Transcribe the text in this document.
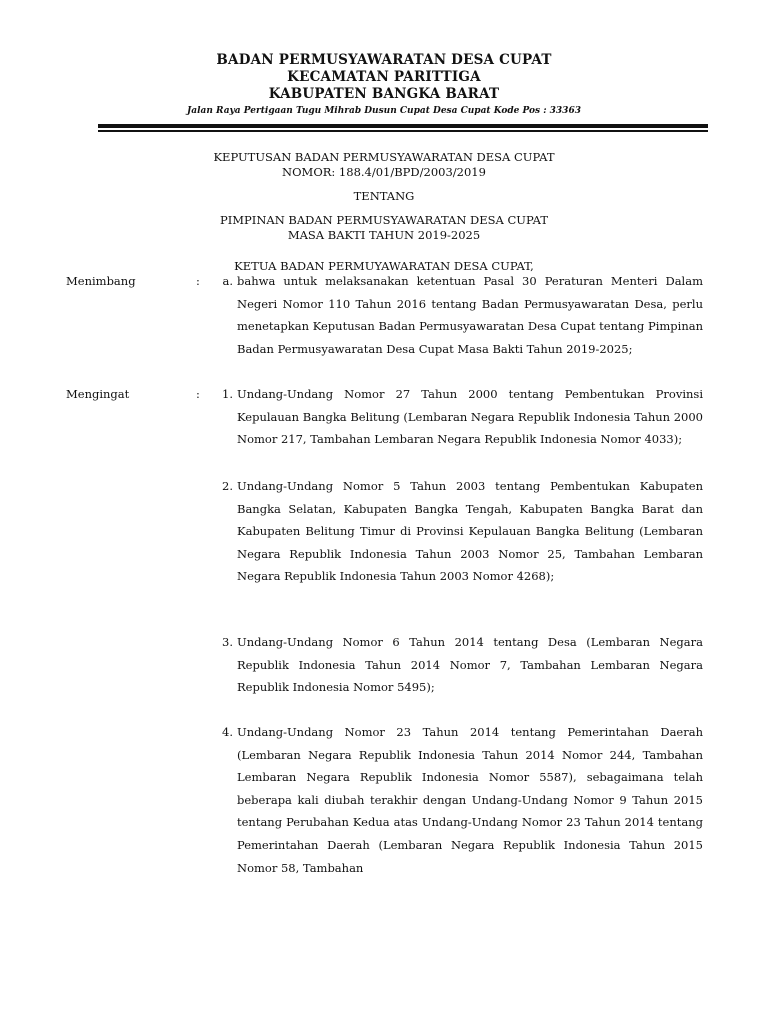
BADAN PERMUSYAWARATAN DESA CUPAT
KECAMATAN PARITTIGA
KABUPATEN BANGKA BARAT
Jalan Raya Pertigaan Tugu Mihrab Dusun Cupat Desa Cupat Kode Pos : 33363
KEPUTUSAN BADAN PERMUSYAWARATAN DESA CUPAT
NOMOR: 188.4/01/BPD/2003/2019
TENTANG
PIMPINAN BADAN PERMUSYAWARATAN DESA CUPAT
MASA BAKTI TAHUN 2019-2025
KETUA BADAN PERMUYAWARATAN DESA CUPAT,
Menimbang	:	a. bahwa untuk melaksanakan ketentuan Pasal 30 Peraturan Menteri Dalam Negeri Nomor 110 Tahun 2016 tentang Badan Permusyawaratan Desa, perlu menetapkan Keputusan Badan Permusyawaratan Desa Cupat tentang Pimpinan Badan Permusyawaratan Desa Cupat Masa Bakti Tahun 2019-2025;
Mengingat	:	1. Undang-Undang Nomor 27 Tahun 2000 tentang Pembentukan Provinsi Kepulauan Bangka Belitung (Lembaran Negara Republik Indonesia Tahun 2000 Nomor 217, Tambahan Lembaran Negara Republik Indonesia Nomor 4033);
2. Undang-Undang Nomor 5 Tahun 2003 tentang Pembentukan Kabupaten Bangka Selatan, Kabupaten Bangka Tengah, Kabupaten Bangka Barat dan Kabupaten Belitung Timur di Provinsi Kepulauan Bangka Belitung (Lembaran Negara Republik Indonesia Tahun 2003 Nomor 25, Tambahan Lembaran Negara Republik Indonesia Tahun 2003 Nomor 4268);
3. Undang-Undang Nomor 6 Tahun 2014 tentang Desa (Lembaran Negara Republik Indonesia Tahun 2014 Nomor 7, Tambahan Lembaran Negara Republik Indonesia Nomor 5495);
4. Undang-Undang Nomor 23 Tahun 2014 tentang Pemerintahan Daerah (Lembaran Negara Republik Indonesia Tahun 2014 Nomor 244, Tambahan Lembaran Negara Republik Indonesia Nomor 5587), sebagaimana telah beberapa kali diubah terakhir dengan Undang-Undang Nomor 9 Tahun 2015 tentang Perubahan Kedua atas Undang-Undang Nomor 23 Tahun 2014 tentang Pemerintahan Daerah (Lembaran Negara Republik Indonesia Tahun 2015 Nomor 58, Tambahan
